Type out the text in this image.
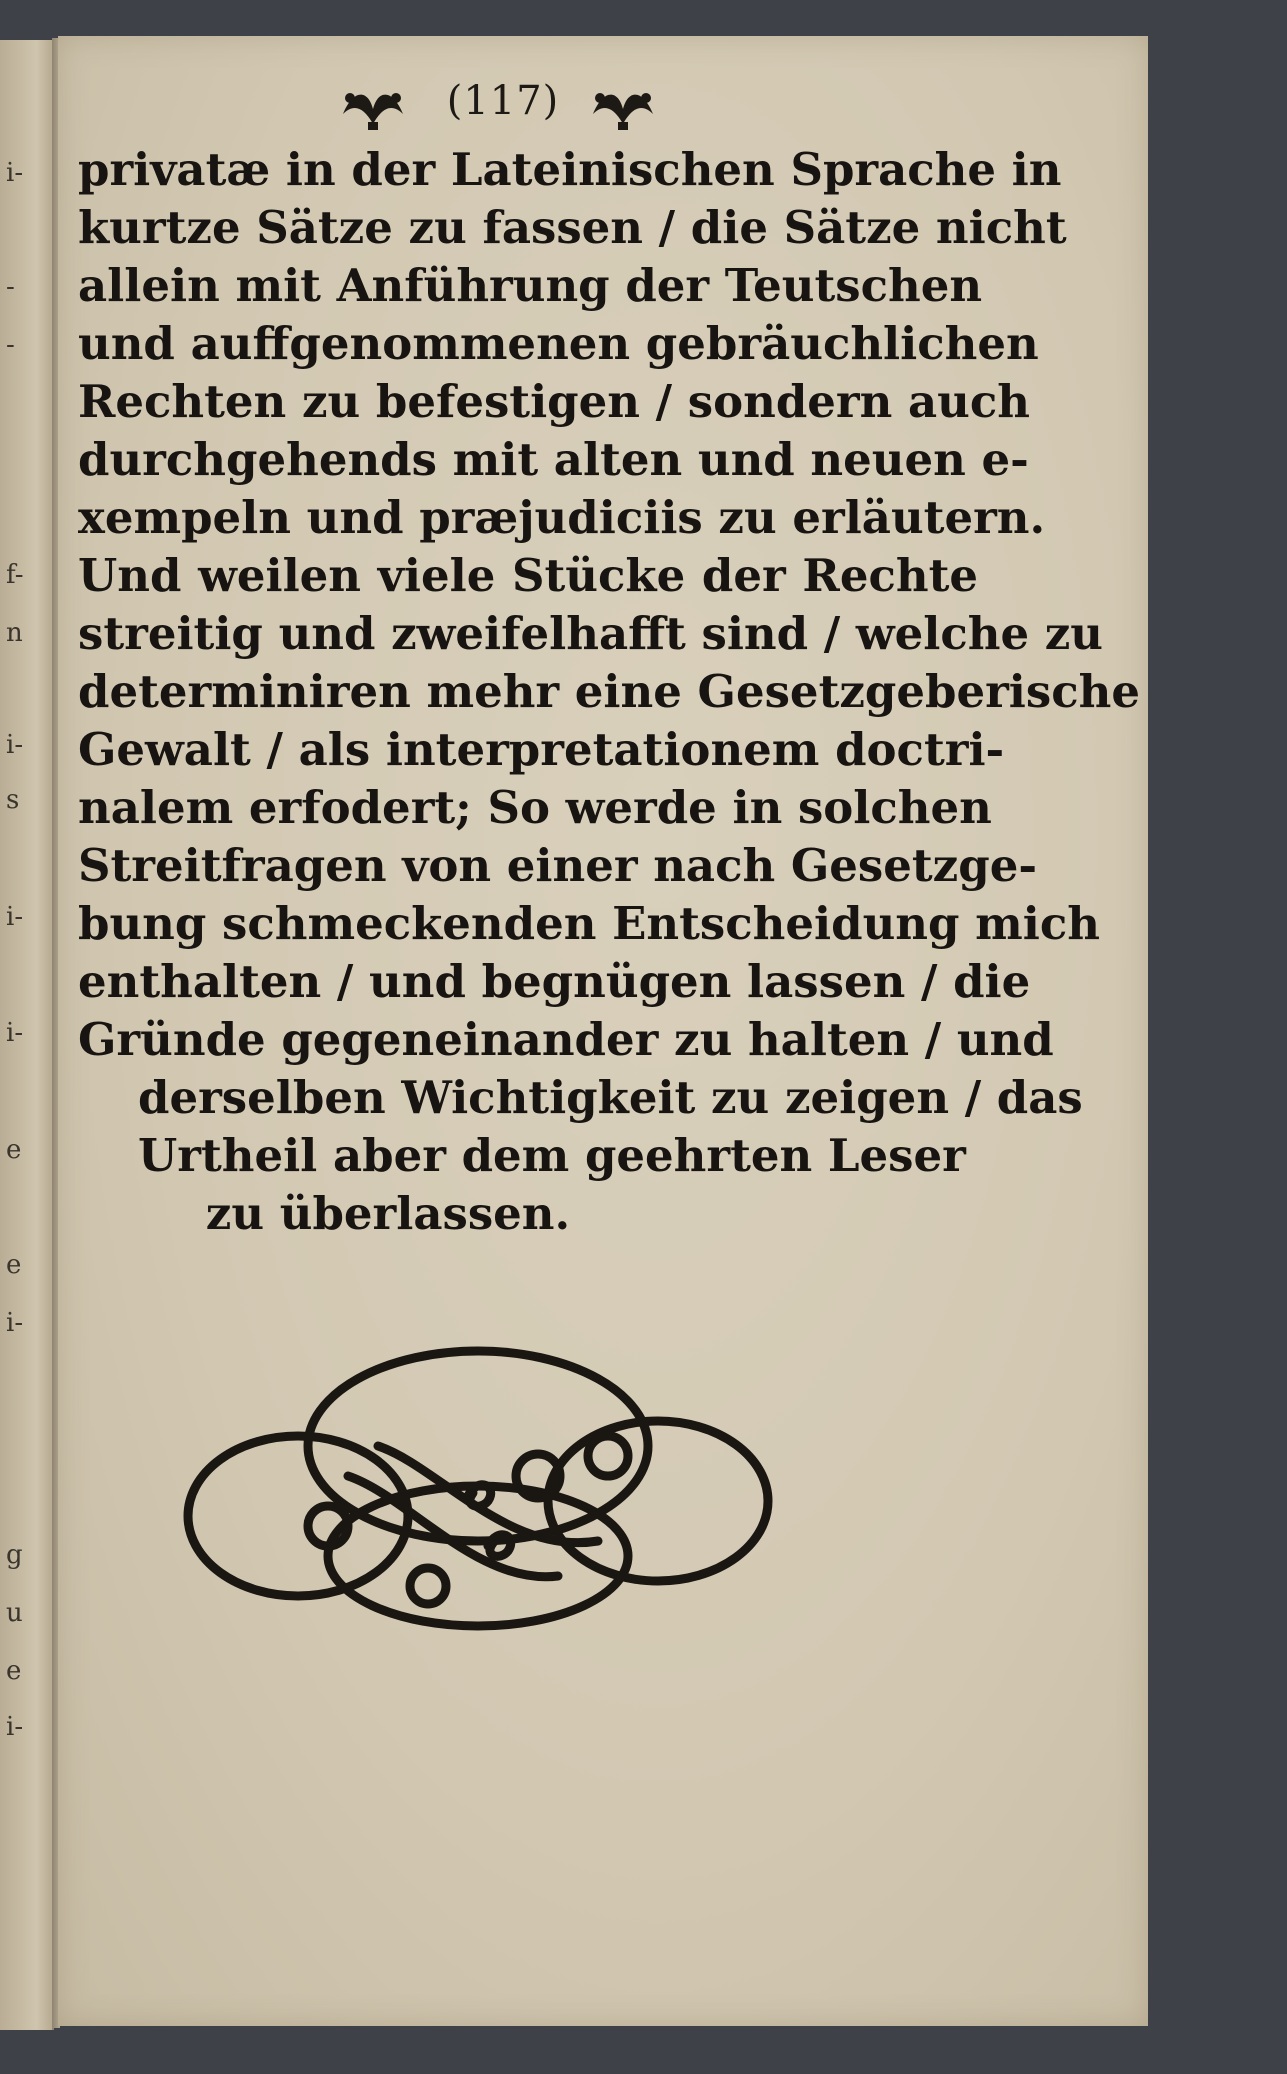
i-
-
-
f-
n
i-
s
i-
i-
e
e
i-
g
u
e
i-
(117)
privatæ in der Lateinischen Sprache in
kurtze Sätze zu fassen / die Sätze nicht
allein mit Anführung der Teutschen
und auffgenommenen gebräuchlichen
Rechten zu befestigen / sondern auch
durchgehends mit alten und neuen e-
xempeln und præjudiciis zu erläutern.
Und weilen viele Stücke der Rechte
streitig und zweifelhafft sind / welche zu
determiniren mehr eine Gesetzgeberische
Gewalt / als interpretationem doctri-
nalem erfodert; So werde in solchen
Streitfragen von einer nach Gesetzge-
bung schmeckenden Entscheidung mich
enthalten / und begnügen lassen / die
Gründe gegeneinander zu halten / und
derselben Wichtigkeit zu zeigen / das
Urtheil aber dem geehrten Leser
zu überlassen.
